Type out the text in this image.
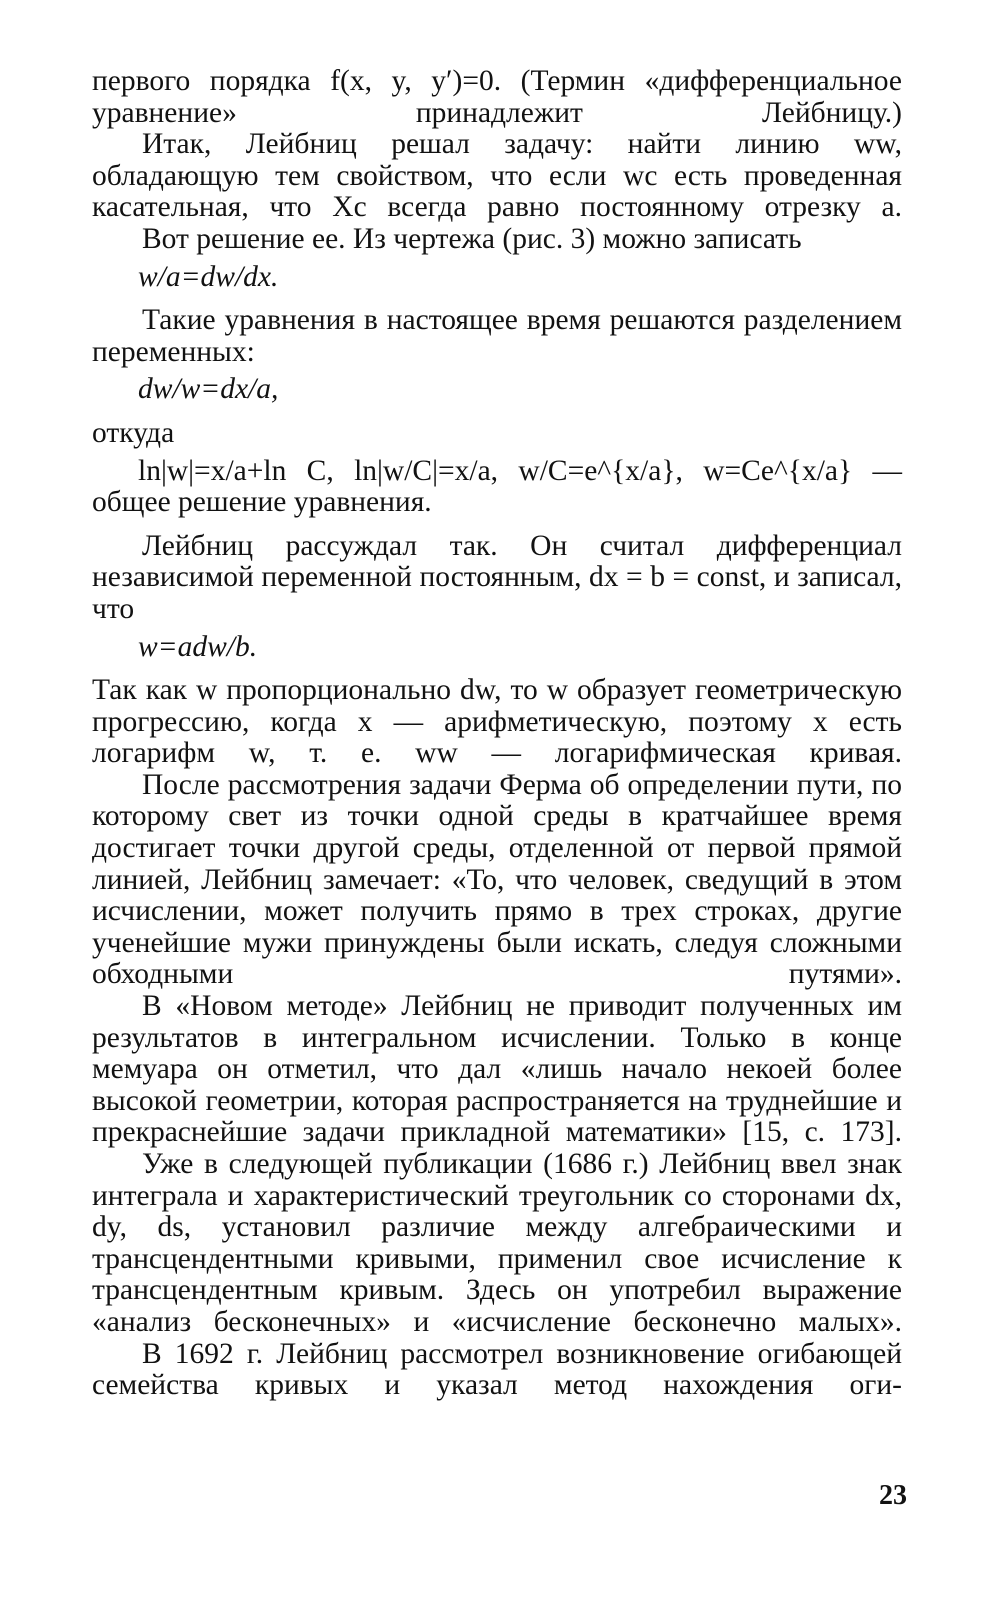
первого порядка f(x, y, y′)=0. (Термин «дифференциальное уравнение» принадлежит Лейбницу.)

Итак, Лейбниц решал задачу: найти линию ww, обладающую тем свойством, что если wc есть проведенная касательная, что Xc всегда равно постоянному отрезку a.

Вот решение ее. Из чертежа (рис. 3) можно записать

w/a=dw/dx.

Такие уравнения в настоящее время решаются разделением переменных:

dw/w=dx/a,

откуда

ln|w|=x/a+ln C, ln|w/C|=x/a, w/C=e^{x/a}, w=Ce^{x/a} —

общее решение уравнения.

Лейбниц рассуждал так. Он считал дифференциал независимой переменной постоянным, dx = b = const, и записал, что

w=adw/b.

Так как w пропорционально dw, то w образует геометрическую прогрессию, когда x — арифметическую, поэтому x есть логарифм w, т. е. ww — логарифмическая кривая.

После рассмотрения задачи Ферма об определении пути, по которому свет из точки одной среды в кратчайшее время достигает точки другой среды, отделенной от первой прямой линией, Лейбниц замечает: «То, что человек, сведущий в этом исчислении, может получить прямо в трех строках, другие ученейшие мужи принуждены были искать, следуя сложными обходными путями».

В «Новом методе» Лейбниц не приводит полученных им результатов в интегральном исчислении. Только в конце мемуара он отметил, что дал «лишь начало некоей более высокой геометрии, которая распространяется на труднейшие и прекраснейшие задачи прикладной математики» [15, с. 173].

Уже в следующей публикации (1686 г.) Лейбниц ввел знак интеграла и характеристический треугольник со сторонами dx, dy, ds, установил различие между алгебраическими и трансцендентными кривыми, применил свое исчисление к трансцендентным кривым. Здесь он употребил выражение «анализ бесконечных» и «исчисление бесконечно малых».

В 1692 г. Лейбниц рассмотрел возникновение огибающей семейства кривых и указал метод нахождения оги-

23
